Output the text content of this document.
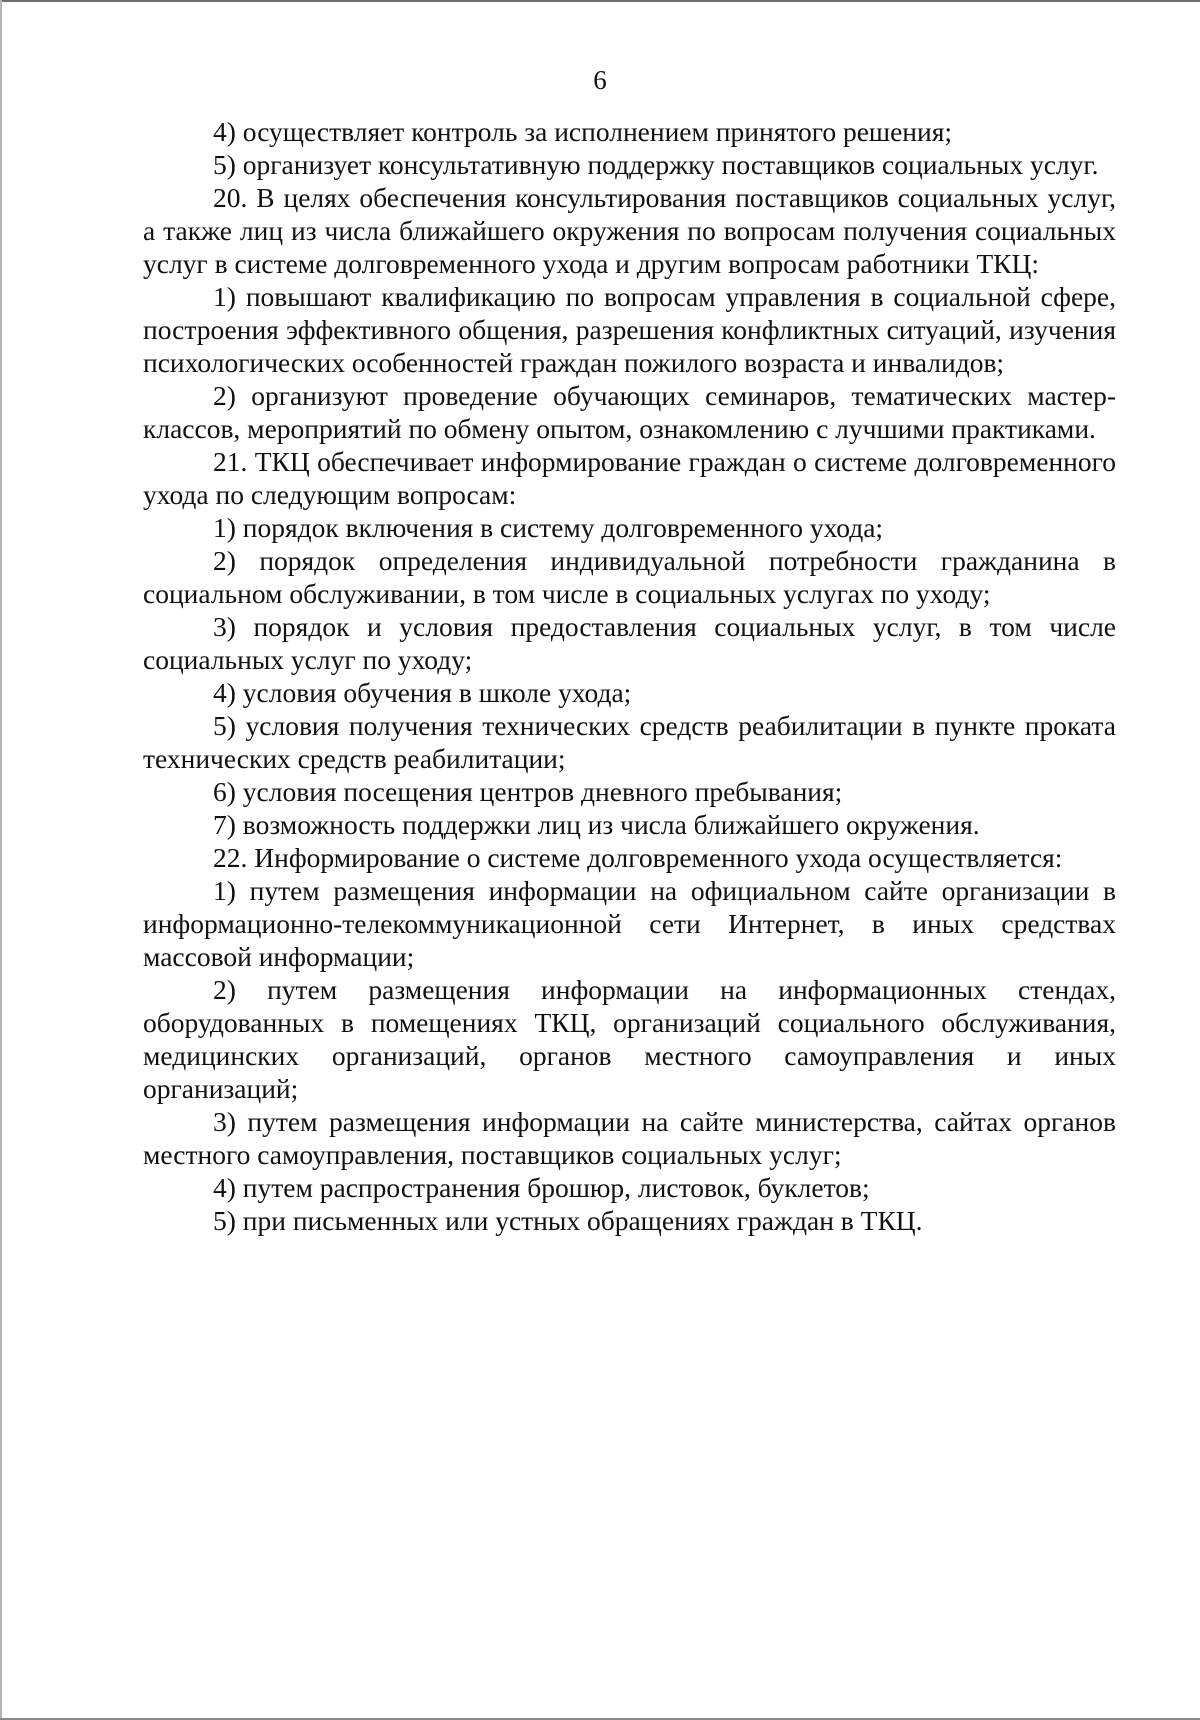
6

4) осуществляет контроль за исполнением принятого решения;

5) организует консультативную поддержку поставщиков социальных услуг.

20. В целях обеспечения консультирования поставщиков социальных услуг, а также лиц из числа ближайшего окружения по вопросам получения социальных услуг в системе долговременного ухода и другим вопросам работники ТКЦ:

1) повышают квалификацию по вопросам управления в социальной сфере, построения эффективного общения, разрешения конфликтных ситуаций, изучения психологических особенностей граждан пожилого возраста и инвалидов;

2) организуют проведение обучающих семинаров, тематических мастер-классов, мероприятий по обмену опытом, ознакомлению с лучшими практиками.

21. ТКЦ обеспечивает информирование граждан о системе долговременного ухода по следующим вопросам:

1) порядок включения в систему долговременного ухода;

2) порядок определения индивидуальной потребности гражданина в социальном обслуживании, в том числе в социальных услугах по уходу;

3) порядок и условия предоставления социальных услуг, в том числе социальных услуг по уходу;

4) условия обучения в школе ухода;

5) условия получения технических средств реабилитации в пункте проката технических средств реабилитации;

6) условия посещения центров дневного пребывания;

7) возможность поддержки лиц из числа ближайшего окружения.

22. Информирование о системе долговременного ухода осуществляется:

1) путем размещения информации на официальном сайте организации в информационно-телекоммуникационной сети Интернет, в иных средствах массовой информации;

2) путем размещения информации на информационных стендах, оборудованных в помещениях ТКЦ, организаций социального обслуживания, медицинских организаций, органов местного самоуправления и иных организаций;

3) путем размещения информации на сайте министерства, сайтах органов местного самоуправления, поставщиков социальных услуг;

4) путем распространения брошюр, листовок, буклетов;

5) при письменных или устных обращениях граждан в ТКЦ.
